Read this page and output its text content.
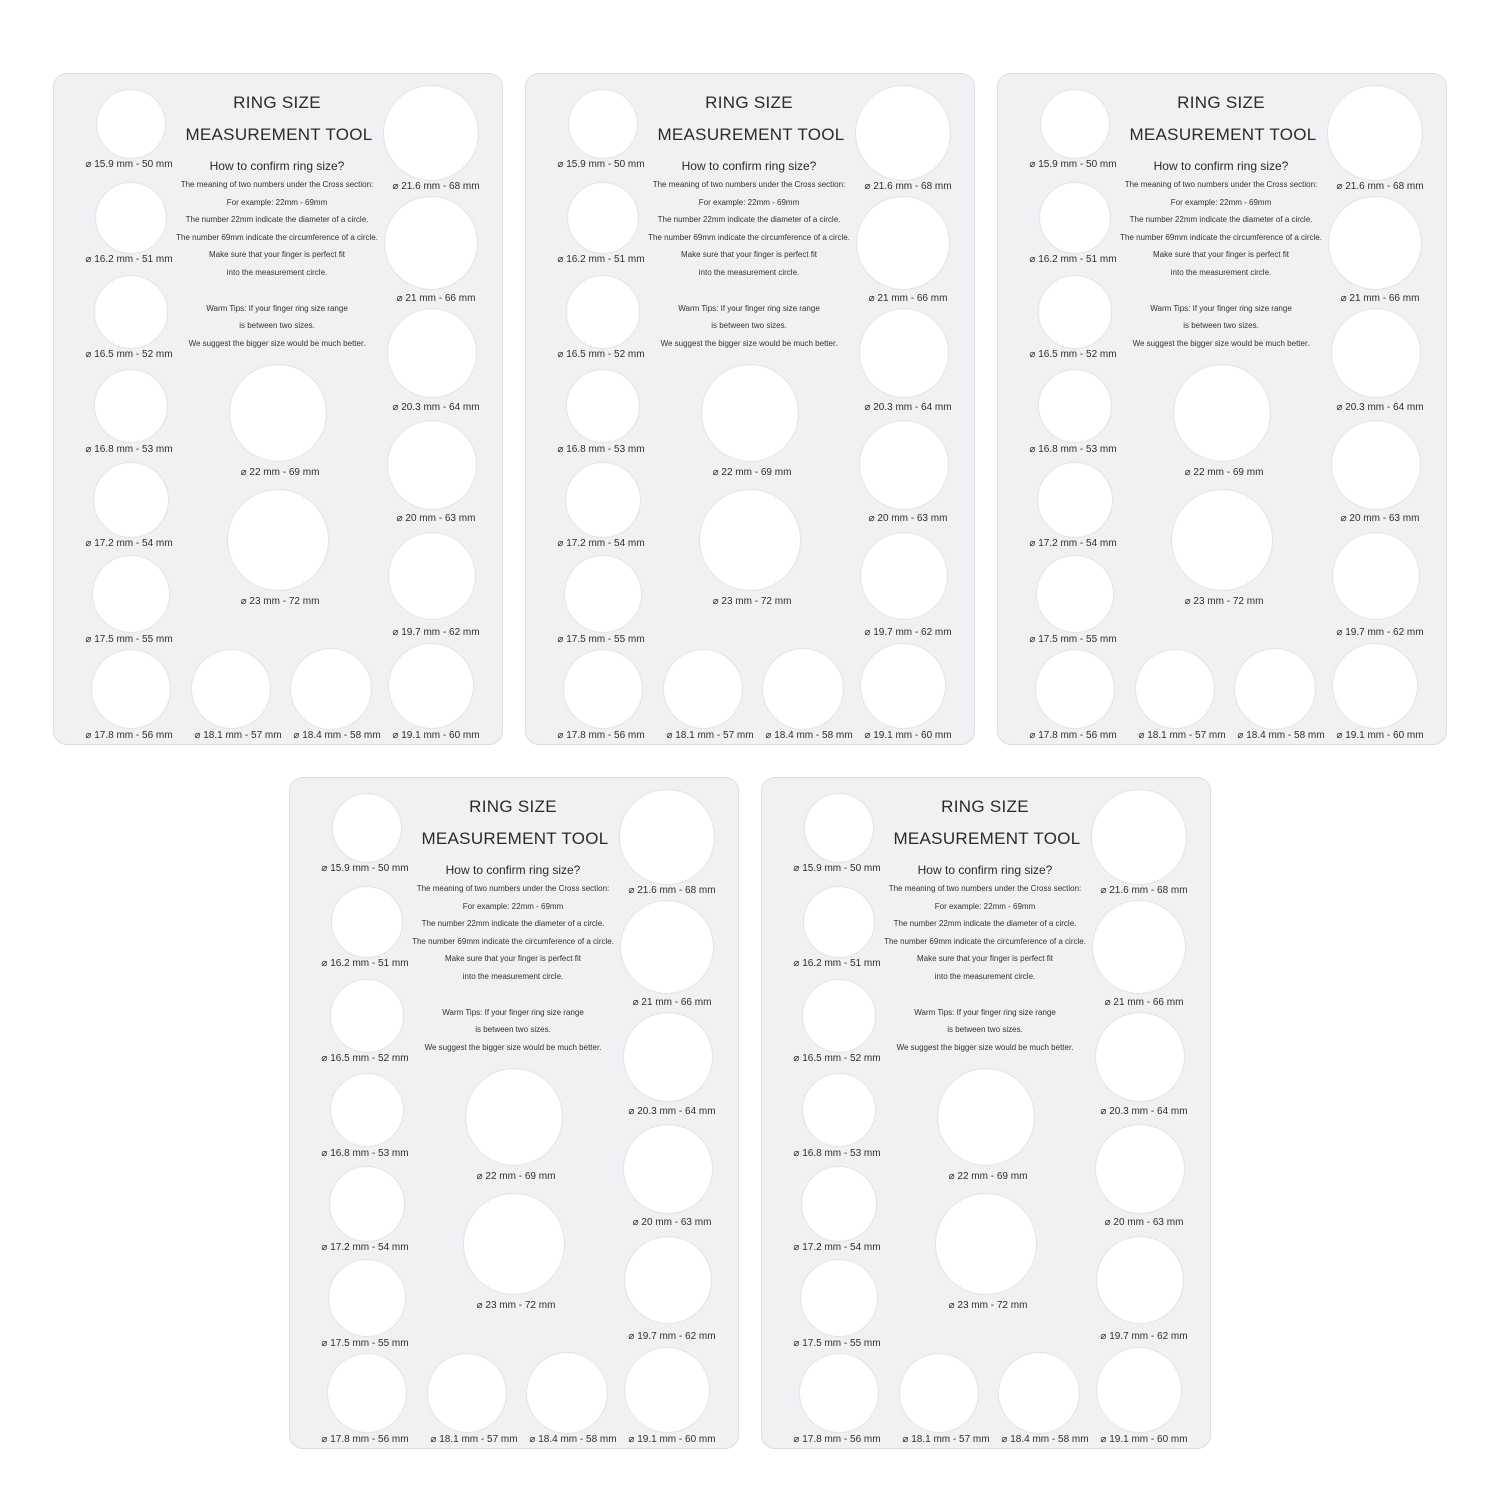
RING SIZE
MEASUREMENT TOOL
How to confirm ring size?
The meaning of two numbers under the Cross section:
For example: 22mm - 69mm
The number 22mm indicate the diameter of a circle.
The number 69mm indicate the circumference of a circle.
Make sure that your finger is perfect fit
into the measurement circle.
Warm Tips: If your finger ring size range
is between two sizes.
We suggest the bigger size would be much better.
⌀ 15.9 mm - 50 mm
⌀ 16.2 mm - 51 mm
⌀ 16.5 mm - 52 mm
⌀ 16.8 mm - 53 mm
⌀ 17.2 mm - 54 mm
⌀ 17.5 mm - 55 mm
⌀ 17.8 mm - 56 mm	⌀ 18.1 mm - 57 mm	⌀ 18.4 mm - 58 mm	⌀ 19.1 mm - 60 mm
⌀ 19.7 mm - 62 mm
⌀ 20 mm - 63 mm
⌀ 20.3 mm - 64 mm
⌀ 21 mm - 66 mm
⌀ 21.6 mm - 68 mm
⌀ 22 mm - 69 mm
⌀ 23 mm - 72 mm
RING SIZE
MEASUREMENT TOOL
How to confirm ring size?
The meaning of two numbers under the Cross section:
For example: 22mm - 69mm
The number 22mm indicate the diameter of a circle.
The number 69mm indicate the circumference of a circle.
Make sure that your finger is perfect fit
into the measurement circle.
Warm Tips: If your finger ring size range
is between two sizes.
We suggest the bigger size would be much better.
⌀ 15.9 mm - 50 mm
⌀ 16.2 mm - 51 mm
⌀ 16.5 mm - 52 mm
⌀ 16.8 mm - 53 mm
⌀ 17.2 mm - 54 mm
⌀ 17.5 mm - 55 mm
⌀ 17.8 mm - 56 mm	⌀ 18.1 mm - 57 mm	⌀ 18.4 mm - 58 mm	⌀ 19.1 mm - 60 mm
⌀ 19.7 mm - 62 mm
⌀ 20 mm - 63 mm
⌀ 20.3 mm - 64 mm
⌀ 21 mm - 66 mm
⌀ 21.6 mm - 68 mm
⌀ 22 mm - 69 mm
⌀ 23 mm - 72 mm
RING SIZE
MEASUREMENT TOOL
How to confirm ring size?
The meaning of two numbers under the Cross section:
For example: 22mm - 69mm
The number 22mm indicate the diameter of a circle.
The number 69mm indicate the circumference of a circle.
Make sure that your finger is perfect fit
into the measurement circle.
Warm Tips: If your finger ring size range
is between two sizes.
We suggest the bigger size would be much better.
⌀ 15.9 mm - 50 mm
⌀ 16.2 mm - 51 mm
⌀ 16.5 mm - 52 mm
⌀ 16.8 mm - 53 mm
⌀ 17.2 mm - 54 mm
⌀ 17.5 mm - 55 mm
⌀ 17.8 mm - 56 mm	⌀ 18.1 mm - 57 mm	⌀ 18.4 mm - 58 mm	⌀ 19.1 mm - 60 mm
⌀ 19.7 mm - 62 mm
⌀ 20 mm - 63 mm
⌀ 20.3 mm - 64 mm
⌀ 21 mm - 66 mm
⌀ 21.6 mm - 68 mm
⌀ 22 mm - 69 mm
⌀ 23 mm - 72 mm
RING SIZE
MEASUREMENT TOOL
How to confirm ring size?
The meaning of two numbers under the Cross section:
For example: 22mm - 69mm
The number 22mm indicate the diameter of a circle.
The number 69mm indicate the circumference of a circle.
Make sure that your finger is perfect fit
into the measurement circle.
Warm Tips: If your finger ring size range
is between two sizes.
We suggest the bigger size would be much better.
⌀ 15.9 mm - 50 mm
⌀ 16.2 mm - 51 mm
⌀ 16.5 mm - 52 mm
⌀ 16.8 mm - 53 mm
⌀ 17.2 mm - 54 mm
⌀ 17.5 mm - 55 mm
⌀ 17.8 mm - 56 mm	⌀ 18.1 mm - 57 mm	⌀ 18.4 mm - 58 mm	⌀ 19.1 mm - 60 mm
⌀ 19.7 mm - 62 mm
⌀ 20 mm - 63 mm
⌀ 20.3 mm - 64 mm
⌀ 21 mm - 66 mm
⌀ 21.6 mm - 68 mm
⌀ 22 mm - 69 mm
⌀ 23 mm - 72 mm
RING SIZE
MEASUREMENT TOOL
How to confirm ring size?
The meaning of two numbers under the Cross section:
For example: 22mm - 69mm
The number 22mm indicate the diameter of a circle.
The number 69mm indicate the circumference of a circle.
Make sure that your finger is perfect fit
into the measurement circle.
Warm Tips: If your finger ring size range
is between two sizes.
We suggest the bigger size would be much better.
⌀ 15.9 mm - 50 mm
⌀ 16.2 mm - 51 mm
⌀ 16.5 mm - 52 mm
⌀ 16.8 mm - 53 mm
⌀ 17.2 mm - 54 mm
⌀ 17.5 mm - 55 mm
⌀ 17.8 mm - 56 mm	⌀ 18.1 mm - 57 mm	⌀ 18.4 mm - 58 mm	⌀ 19.1 mm - 60 mm
⌀ 19.7 mm - 62 mm
⌀ 20 mm - 63 mm
⌀ 20.3 mm - 64 mm
⌀ 21 mm - 66 mm
⌀ 21.6 mm - 68 mm
⌀ 22 mm - 69 mm
⌀ 23 mm - 72 mm
